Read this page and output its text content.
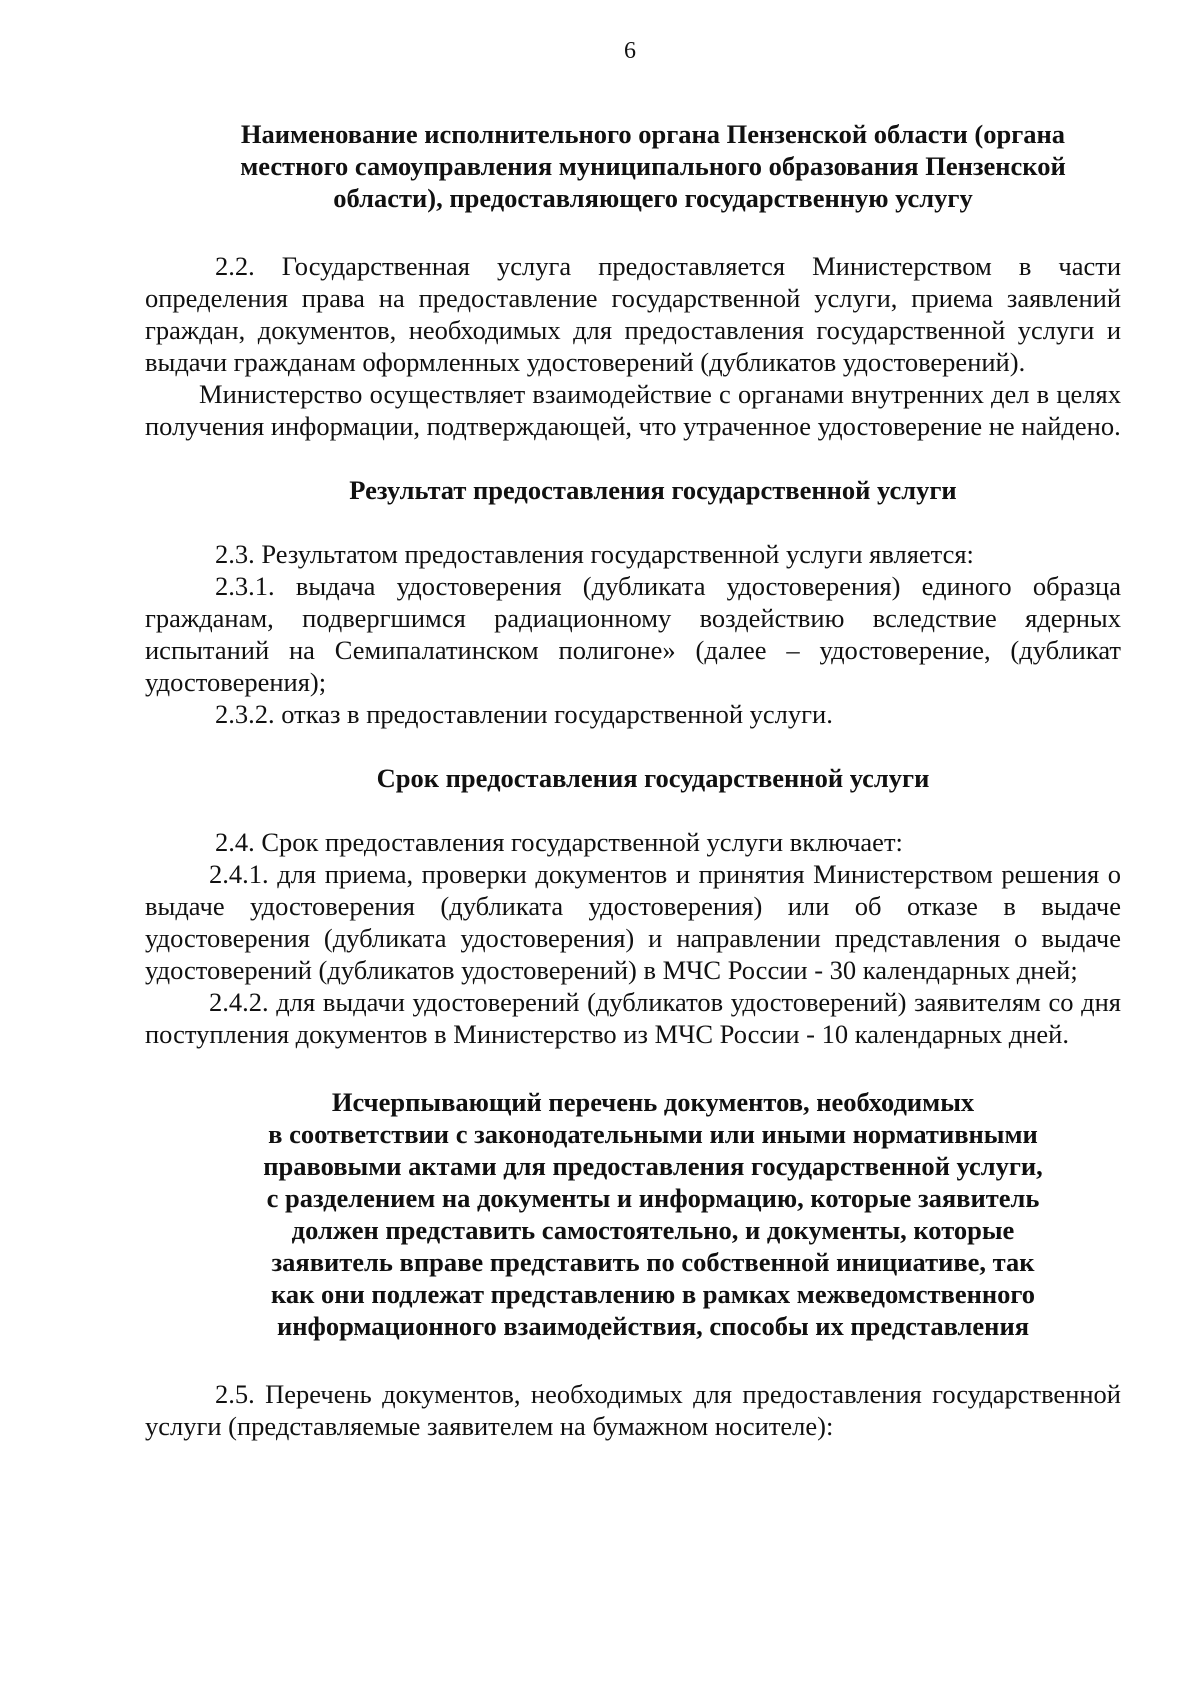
6
Наименование исполнительного органа Пензенской области (органа
местного самоуправления муниципального образования Пензенской
области), предоставляющего государственную услугу

2.2. Государственная услуга предоставляется Министерством в части определения права на предоставление государственной услуги, приема заявлений граждан, документов, необходимых для предоставления государственной услуги и выдачи гражданам оформленных удостоверений (дубликатов удостоверений).

Министерство осуществляет взаимодействие с органами внутренних дел в целях получения информации, подтверждающей, что утраченное удостоверение не найдено.

Результат предоставления государственной услуги

2.3. Результатом предоставления государственной услуги является:

2.3.1. выдача удостоверения (дубликата удостоверения) единого образца гражданам, подвергшимся радиационному воздействию вследствие ядерных испытаний на Семипалатинском полигоне» (далее – удостоверение, (дубликат удостоверения);

2.3.2. отказ в предоставлении государственной услуги.

Срок предоставления государственной услуги

2.4. Срок предоставления государственной услуги включает:

2.4.1. для приема, проверки документов и принятия Министерством решения о выдаче удостоверения (дубликата удостоверения) или об отказе в выдаче удостоверения (дубликата удостоверения) и направлении представления о выдаче удостоверений (дубликатов удостоверений) в МЧС России - 30 календарных дней;

2.4.2. для выдачи удостоверений (дубликатов удостоверений) заявителям со дня поступления документов в Министерство из МЧС России - 10 календарных дней.

Исчерпывающий перечень документов, необходимых
в соответствии с законодательными или иными нормативными
правовыми актами для предоставления государственной услуги,
с разделением на документы и информацию, которые заявитель
должен представить самостоятельно, и документы, которые
заявитель вправе представить по собственной инициативе, так
как они подлежат представлению в рамках межведомственного
информационного взаимодействия, способы их представления

2.5. Перечень документов, необходимых для предоставления государственной услуги (представляемые заявителем на бумажном носителе):
